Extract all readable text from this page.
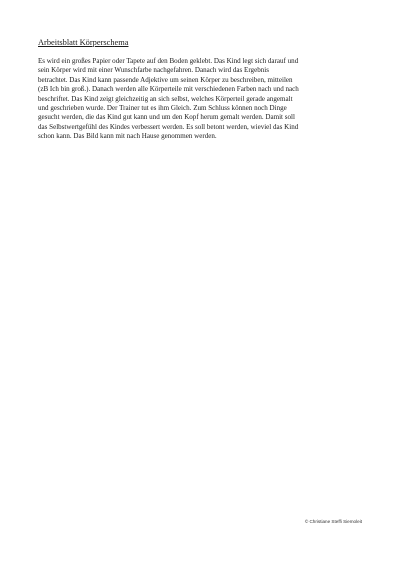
Arbeitsblatt Körperschema

Es wird ein großes Papier oder Tapete auf den Boden geklebt. Das Kind legt sich darauf und
sein Körper wird mit einer Wunschfarbe nachgefahren. Danach wird das Ergebnis
betrachtet. Das Kind kann passende Adjektive um seinen Körper zu beschreiben, mitteilen
(zB Ich bin groß.). Danach werden alle Körperteile mit verschiedenen Farben nach und nach
beschriftet. Das Kind zeigt gleichzeitig an sich selbst, welches Körperteil gerade angemalt
und geschrieben wurde. Der Trainer tut es ihm Gleich. Zum Schluss können noch Dinge
gesucht werden, die das Kind gut kann und um den Kopf herum gemalt werden. Damit soll
das Selbstwertgefühl des Kindes verbessert werden. Es soll betont werden, wieviel das Kind
schon kann. Das Bild kann mit nach Hause genommen werden.

© Christiane Steffi Siemoleit
